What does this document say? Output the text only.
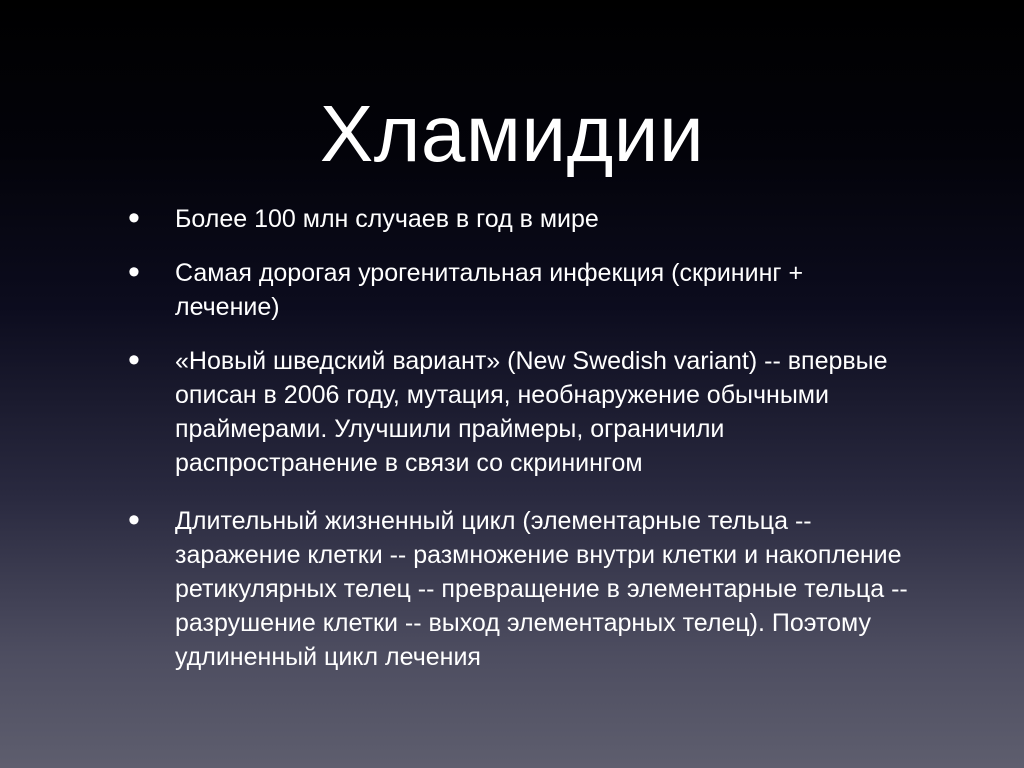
Хламидии
• Более 100 млн случаев в год в мире
• Самая дорогая урогенитальная инфекция (скрининг + лечение)
• «Новый шведский вариант» (New Swedish variant) -- впервые описан в 2006 году, мутация, необнаружение обычными праймерами. Улучшили праймеры, ограничили распространение в связи со скринингом
• Длительный жизненный цикл (элементарные тельца -- заражение клетки -- размножение внутри клетки и накопление ретикулярных телец -- превращение в элементарные тельца -- разрушение клетки -- выход элементарных телец). Поэтому удлиненный цикл лечения
